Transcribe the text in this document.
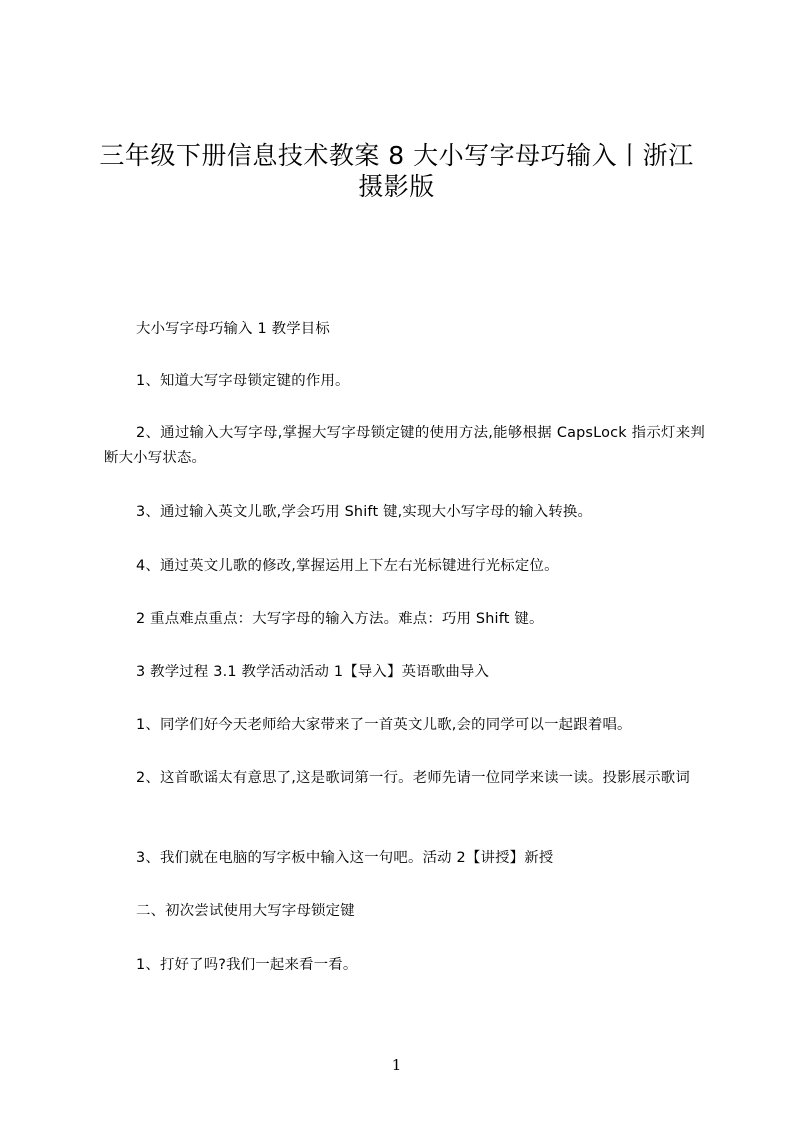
三年级下册信息技术教案 8 大小写字母巧输入丨浙江摄影版

大小写字母巧输入 1 教学目标

1、知道大写字母锁定键的作用。

2、通过输入大写字母,掌握大写字母锁定键的使用方法,能够根据 CapsLock 指示灯来判断大小写状态。

3、通过输入英文儿歌,学会巧用 Shift 键,实现大小写字母的输入转换。

4、通过英文儿歌的修改,掌握运用上下左右光标键进行光标定位。

2 重点难点重点：大写字母的输入方法。难点：巧用 Shift 键。

3 教学过程 3.1 教学活动活动 1【导入】英语歌曲导入

1、同学们好今天老师给大家带来了一首英文儿歌,会的同学可以一起跟着唱。

2、这首歌谣太有意思了,这是歌词第一行。老师先请一位同学来读一读。投影展示歌词

3、我们就在电脑的写字板中输入这一句吧。活动 2【讲授】新授

二、初次尝试使用大写字母锁定键

1、打好了吗?我们一起来看一看。

1
